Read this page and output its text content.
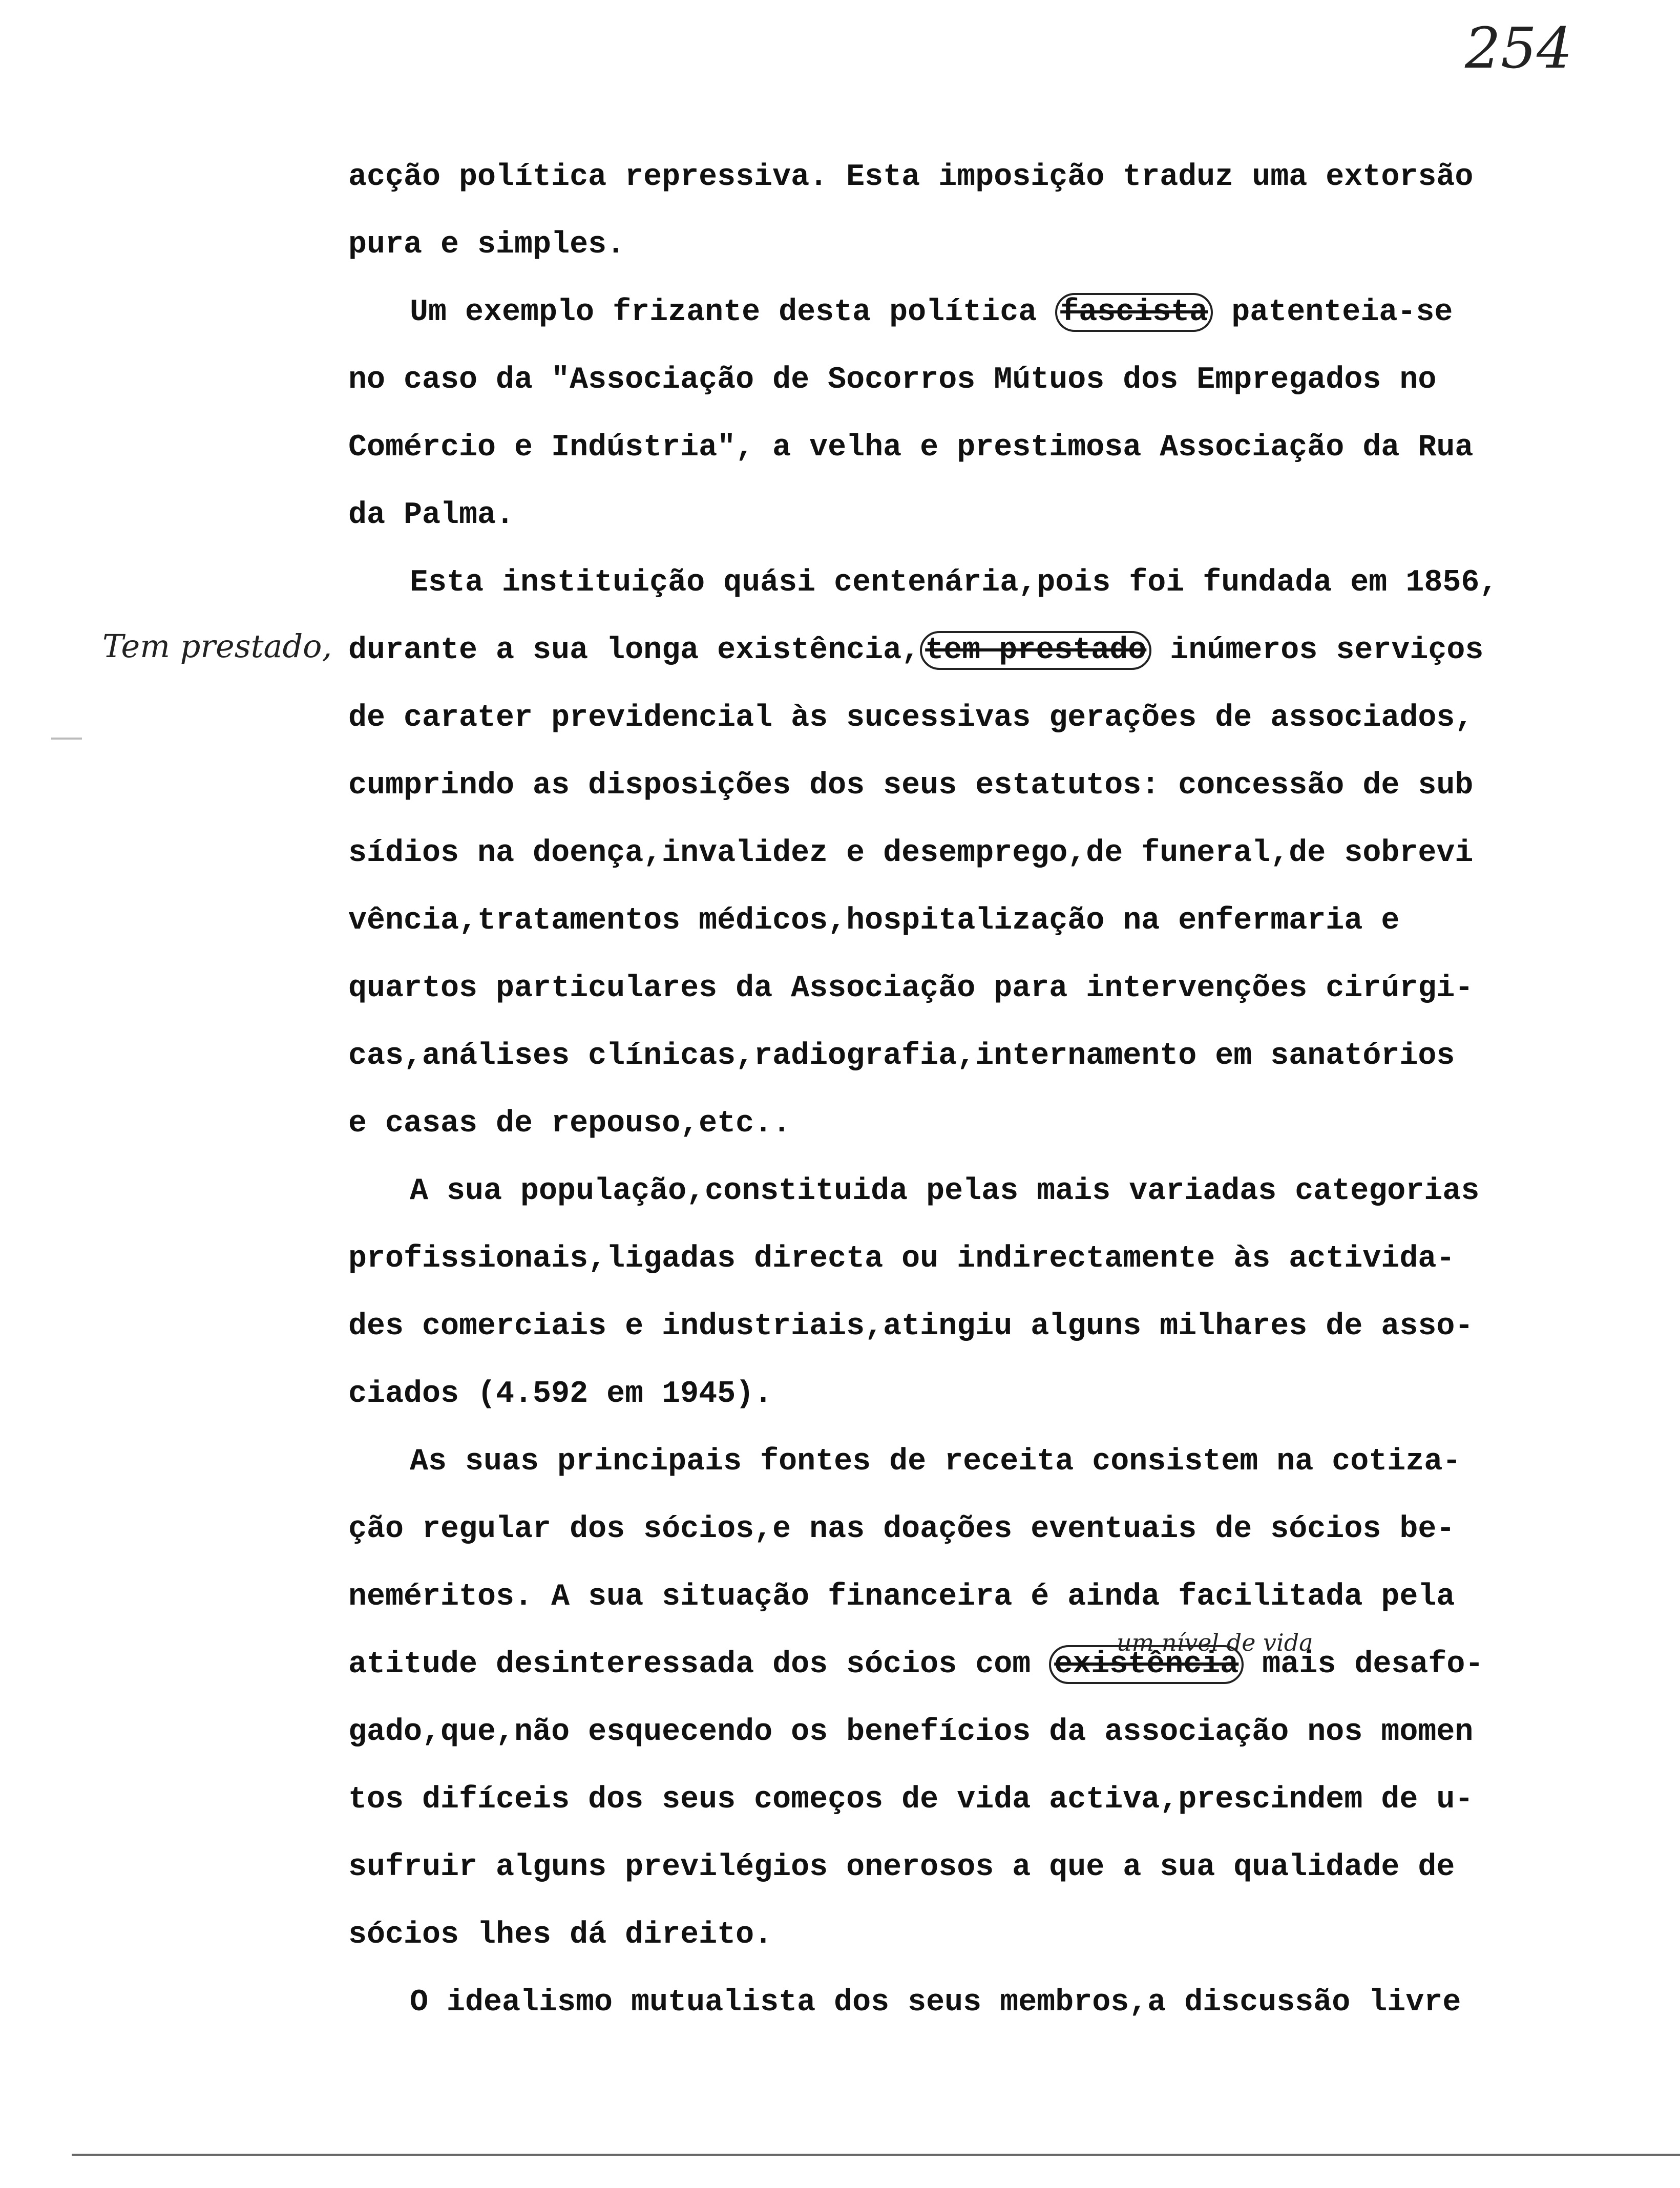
254
Tem prestado,
um nível de vida

acção política repressiva. Esta imposição traduz uma extorsão
pura e simples.

Um exemplo frizante desta política fascista patenteia-se
no caso da "Associação de Socorros Mútuos dos Empregados no
Comércio e Indústria", a velha e prestimosa Associação da Rua
da Palma.

Esta instituição quási centenária,pois foi fundada em 1856,
durante a sua longa existência, tem prestado inúmeros serviços
de carater previdencial às sucessivas gerações de associados,
cumprindo as disposições dos seus estatutos: concessão de sub
sídios na doença,invalidez e desemprego,de funeral,de sobrevi
vência,tratamentos médicos,hospitalização na enfermaria e
quartos particulares da Associação para intervenções cirúrgi-
cas,análises clínicas,radiografia,internamento em sanatórios
e casas de repouso,etc..

A sua população,constituida pelas mais variadas categorias
profissionais,ligadas directa ou indirectamente às activida-
des comerciais e industriais,atingiu alguns milhares de asso-
ciados (4.592 em 1945).

As suas principais fontes de receita consistem na cotiza-
ção regular dos sócios,e nas doações eventuais de sócios be-
neméritos. A sua situação financeira é ainda facilitada pela
atitude desinteressada dos sócios com existência mais desafo-
gado,que,não esquecendo os benefícios da associação nos momen
tos difíceis dos seus começos de vida activa,prescindem de u-
sufruir alguns previlégios onerosos a que a sua qualidade de
sócios lhes dá direito.

O idealismo mutualista dos seus membros,a discussão livre
